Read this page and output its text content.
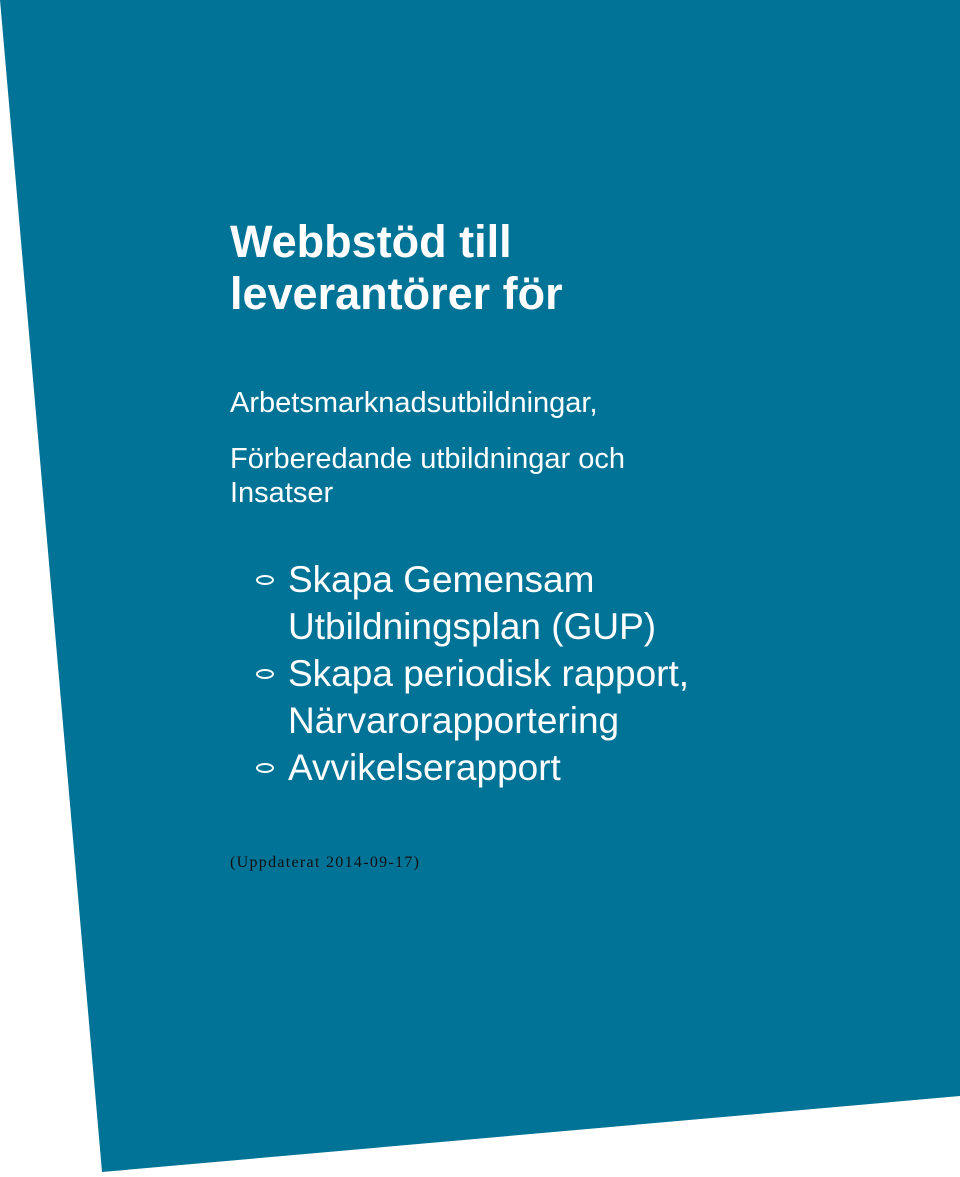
Webbstöd till
leverantörer för
Arbetsmarknadsutbildningar,
Förberedande utbildningar och
Insatser
Skapa Gemensam
Utbildningsplan (GUP)
Skapa periodisk rapport,
Närvarorapportering
Avvikelserapport
(Uppdaterat 2014-09-17)
